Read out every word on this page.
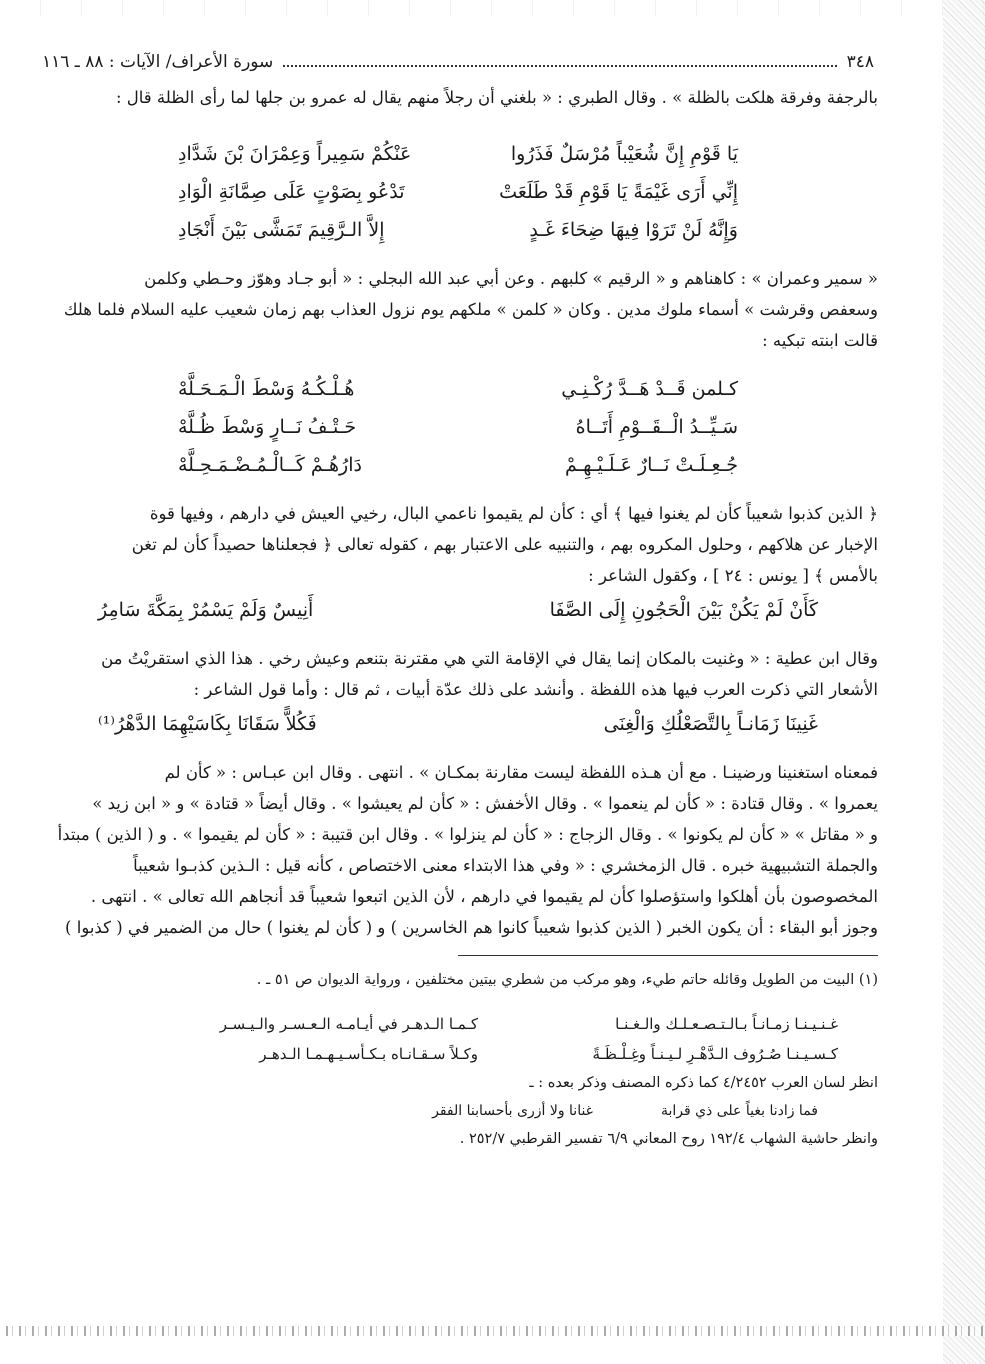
٣٤٨
سورة الأعراف/ الآيات : ٨٨ ـ ١١٦

بالرجفة وفرقة هلكت بالظلة » . وقال الطبري : « بلغني أن رجلاً منهم يقال له عمرو بن جلها لما رأى الظلة قال :

يَا قَوْمِ إِنَّ شُعَيْباً مُرْسَلٌ فَذَرُوا
عَنْكُمْ سَمِيراً وَعِمْرَانَ بْنَ شَدَّادِ
إِنِّي أَرَى غَيْمَةً يَا قَوْمِ قَدْ طَلَعَتْ
تَدْعُو بِصَوْتٍ عَلَى صِمَّانَةِ الْوَادِ
وَإِنَّهُ لَنْ تَرَوْا فِيهَا ضِحَاءَ غَـدٍ
إِلاَّ الـرَّقِيمَ تَمَشَّى بَيْنَ أَنْجَادِ

« سمير وعمران » : كاهناهم و « الرقيم » كلبهم . وعن أبي عبد الله البجلي : « أبو جـاد وهوّز وحـطي وكلمن

وسعفص وقرشت » أسماء ملوك مدين . وكان « كلمن » ملكهم يوم نزول العذاب بهم زمان شعيب عليه السلام فلما هلك

قالت ابنته تبكيه :

كـلمن قَــدْ هَــدَّ رُكْـنِـي
هُـلْـكُـهُ وَسْطَ الْـمَـحَـلَّهْ
سَـيِّــدُ الْــقَــوْمِ أَتَــاهُ
حَـتْـفُ نَــارٍ وَسْطَ ظُـلَّهْ
جُـعِـلَـتْ نَــارٌ عَـلَـيْـهِـمْ
دَارُهُـمْ كَــالْـمُـضْـمَـحِـلَّهْ

﴿ الذين كذبوا شعيباً كأن لم يغنوا فيها ﴾ أي : كأن لم يقيموا ناعمي البال، رخيي العيش في دارهم ، وفيها قوة

الإخبار عن هلاكهم ، وحلول المكروه بهم ، والتنبيه على الاعتبار بهم ، كقوله تعالى ﴿ فجعلناها حصيداً كأن لم تغن

بالأمس ﴾ [ يونس : ٢٤ ] ، وكقول الشاعر :

كَأَنْ لَمْ يَكُنْ بَيْنَ الْحَجُونِ إِلَى الصَّفَا
أَنِيسٌ وَلَمْ يَسْمُرْ بِمَكَّةَ سَامِرُ

وقال ابن عطية : « وغنيت بالمكان إنما يقال في الإقامة التي هي مقترنة بتنعم وعيش رخي . هذا الذي استقريْتُ من

الأشعار التي ذكرت العرب فيها هذه اللفظة . وأنشد على ذلك عدّة أبيات ، ثم قال : وأما قول الشاعر :

غَنِينَا زَمَانـاً بِالتَّصَعْلُكِ وَالْغِنَى
فَكُلاًّ سَقَانَا بِكَاسَيْهِمَا الدَّهْرُ⁽¹⁾

فمعناه استغنينا ورضينـا . مع أن هـذه اللفظة ليست مقارنة بمكـان » . انتهى . وقال ابن عبـاس : « كأن لم

يعمروا » . وقال قتادة : « كأن لم ينعموا » . وقال الأخفش : « كأن لم يعيشوا » . وقال أيضاً « قتادة » و « ابن زيد »

و « مقاتل » « كأن لم يكونوا » . وقال الزجاج : « كأن لم ينزلوا » . وقال ابن قتيبة : « كأن لم يقيموا » . و ( الذين ) مبتدأ

والجملة التشبيهية خبره . قال الزمخشري : « وفي هذا الابتداء معنى الاختصاص ، كأنه قيل : الـذين كذبـوا شعيباً

المخصوصون بأن أهلكوا واستؤصلوا كأن لم يقيموا في دارهم ، لأن الذين اتبعوا شعيباً قد أنجاهم الله تعالى » . انتهى .

وجوز أبو البقاء : أن يكون الخبر ( الذين كذبوا شعيباً كانوا هم الخاسرين ) و ( كأن لم يغنوا ) حال من الضمير في ( كذبوا )

(١) البيت من الطويل وقائله حاتم طيء، وهو مركب من شطري بيتين مختلفين ، ورواية الديوان ص ٥١ ـ .
غـنـيـنـا زمـانـاً بـالـتـصـعـلـك والـغـنـا
كـمـا الـدهـر في أيـامـه الـعـسـر والـيـسـر
كـسـيـنـا صُـرُوف الـدَّهْـرِ لـيـنـاً وغِـلْـظَـةً
وكـلاً سـقـانـاه بـكـأسـيـهـمـا الـدهـر
انظر لسان العرب ٤/٢٤٥٢ كما ذكره المصنف وذكر بعده : ـ
فما زادنا بغياً على ذي قرابة
غنانا ولا أزرى بأحسابنا الفقر
وانظر حاشية الشهاب ١٩٢/٤ روح المعاني ٦/٩ تفسير القرطبي ٢٥٢/٧ .
